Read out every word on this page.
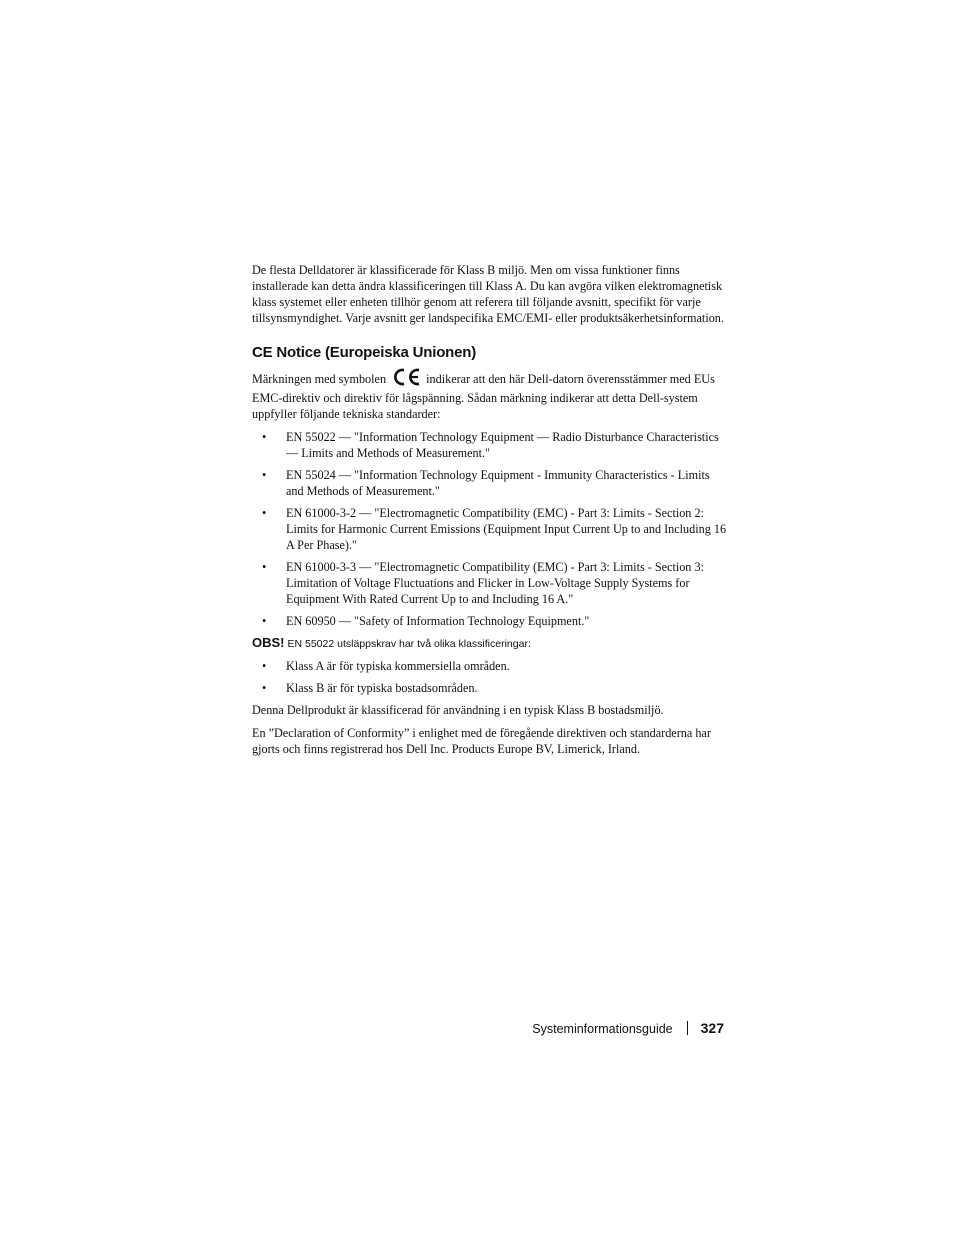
De flesta Delldatorer är klassificerade för Klass B miljö. Men om vissa funktioner finns installerade kan detta ändra klassificeringen till Klass A. Du kan avgöra vilken elektromagnetisk klass systemet eller enheten tillhör genom att referera till följande avsnitt, specifikt för varje tillsynsmyndighet. Varje avsnitt ger landspecifika EMC/EMI- eller produktsäkerhetsinformation.

CE Notice (Europeiska Unionen)

Märkningen med symbolen	indikerar att den här Dell-datorn överensstämmer med EUs EMC-direktiv och direktiv för lågspänning. Sådan märkning indikerar att detta Dell-system uppfyller följande tekniska standarder:

• EN 55022 — "Information Technology Equipment — Radio Disturbance Characteristics — Limits and Methods of Measurement."
• EN 55024 — "Information Technology Equipment - Immunity Characteristics - Limits and Methods of Measurement."
• EN 61000-3-2 — "Electromagnetic Compatibility (EMC) - Part 3: Limits - Section 2: Limits for Harmonic Current Emissions (Equipment Input Current Up to and Including 16 A Per Phase)."
• EN 61000-3-3 — "Electromagnetic Compatibility (EMC) - Part 3: Limits - Section 3: Limitation of Voltage Fluctuations and Flicker in Low-Voltage Supply Systems for Equipment With Rated Current Up to and Including 16 A."
• EN 60950 — "Safety of Information Technology Equipment."
OBS! EN 55022 utsläppskrav har två olika klassificeringar:
• Klass A är för typiska kommersiella områden.
• Klass B är för typiska bostadsområden.

Denna Dellprodukt är klassificerad för användning i en typisk Klass B bostadsmiljö.

En ”Declaration of Conformity” i enlighet med de föregående direktiven och standarderna har gjorts och finns registrerad hos Dell Inc. Products Europe BV, Limerick, Irland.

Systeminformationsguide 327
